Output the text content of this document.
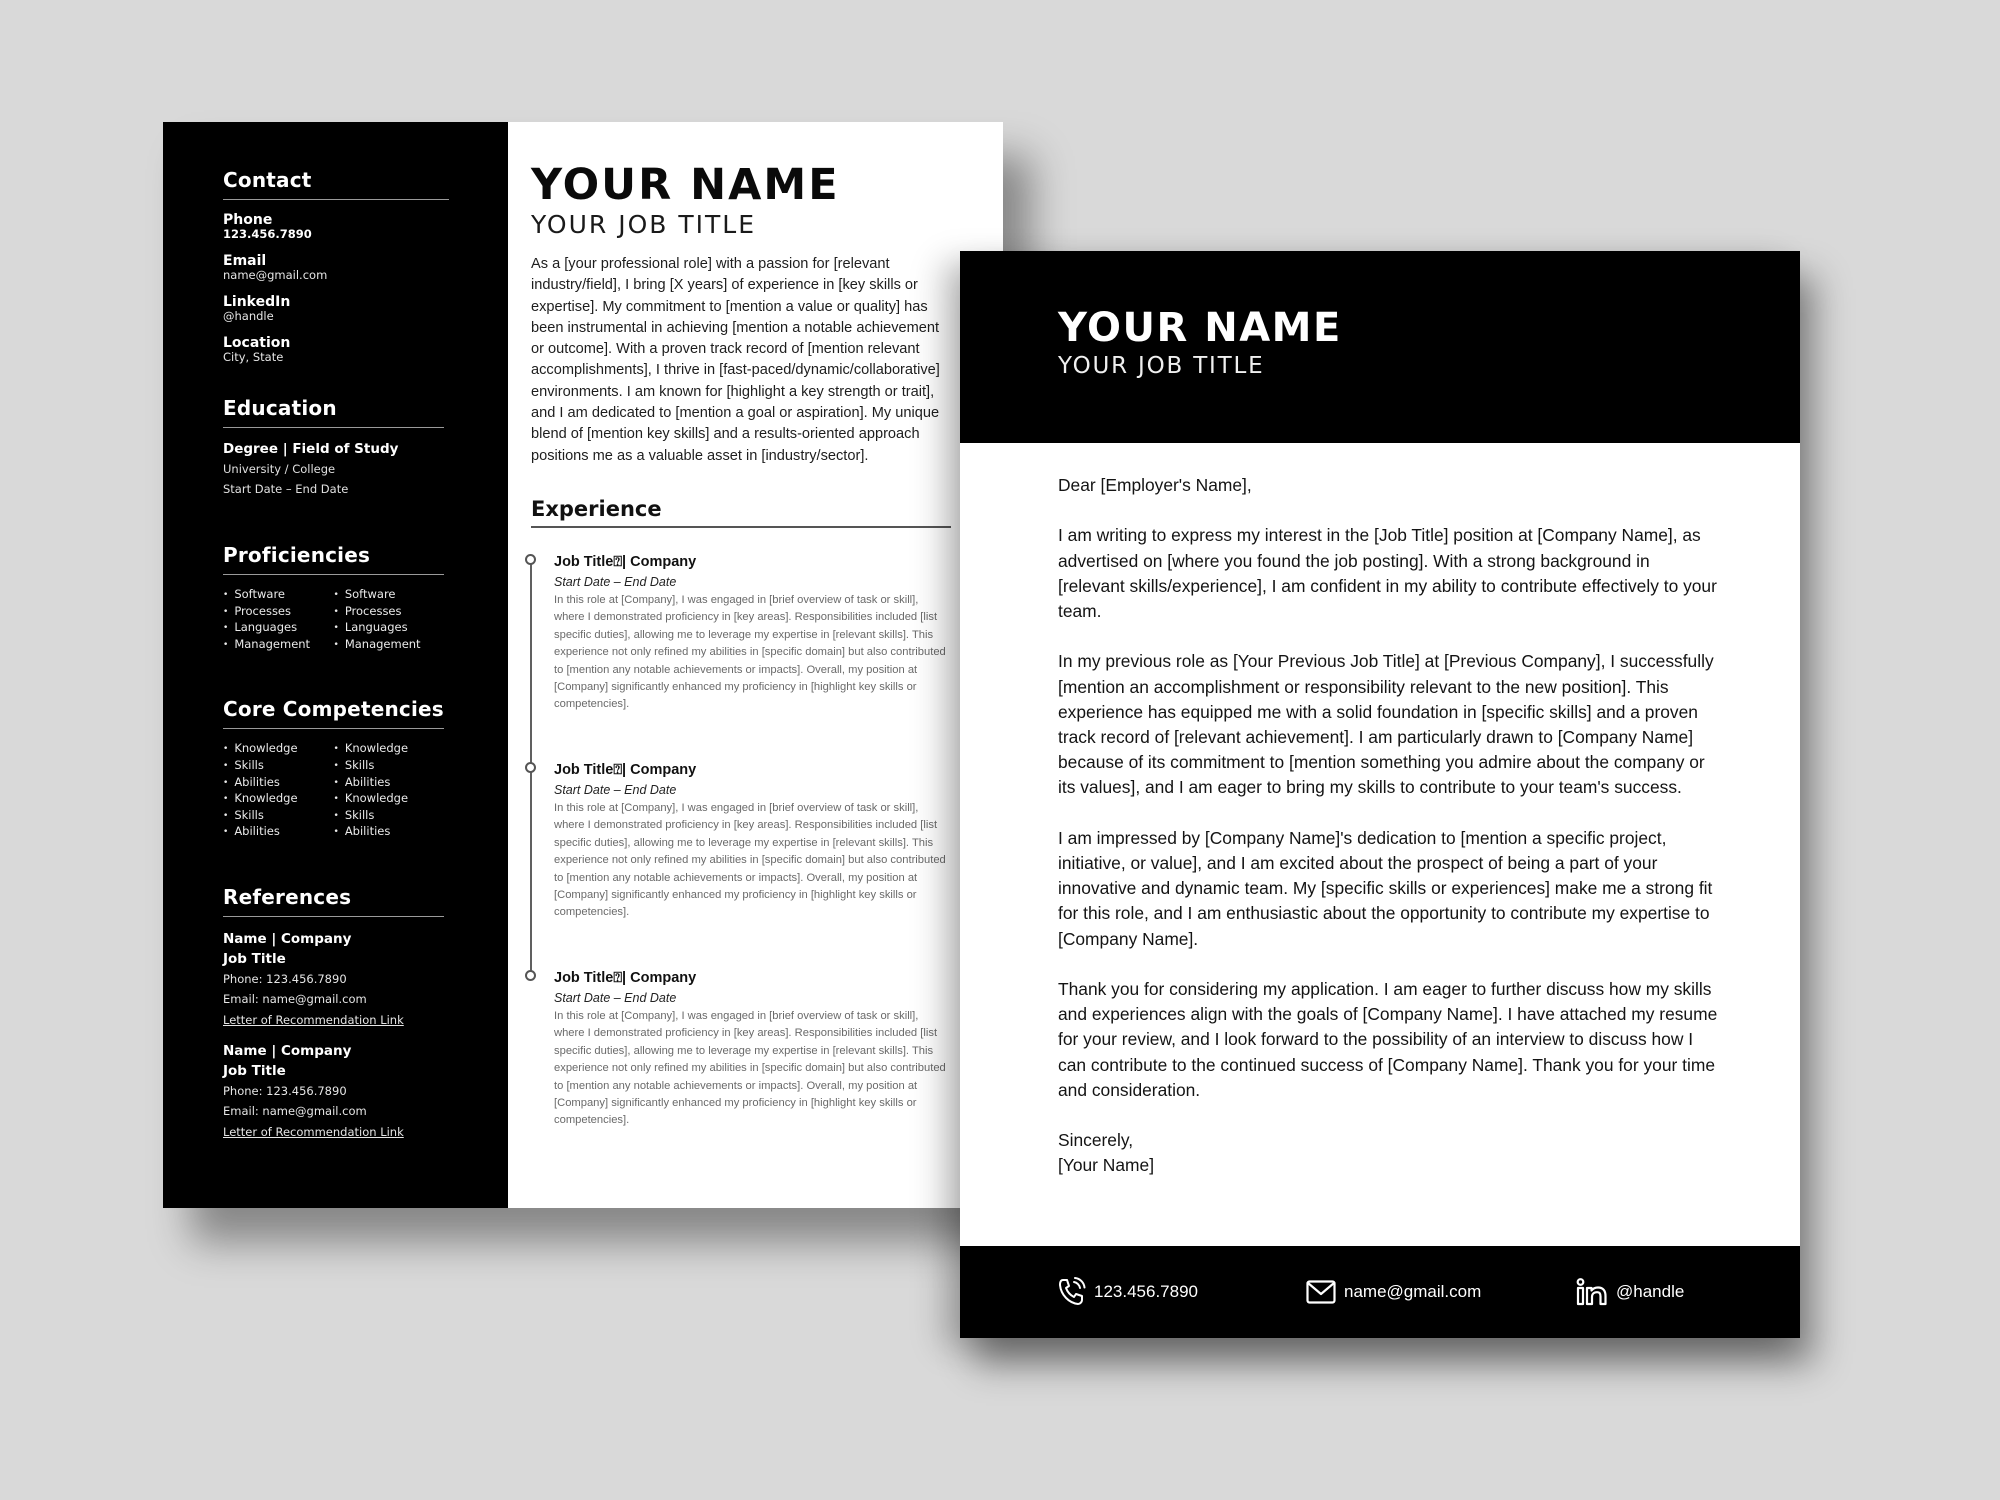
Contact
Phone
123.456.7890
Email
name@gmail.com
LinkedIn
@handle
Location
City, State
Education
Degree | Field of Study
University / College
Start Date – End Date
Proficiencies
• Software
• Processes
• Languages
• Management
• Software
• Processes
• Languages
• Management
Core Competencies
• Knowledge
• Skills
• Abilities
• Knowledge
• Skills
• Abilities
• Knowledge
• Skills
• Abilities
• Knowledge
• Skills
• Abilities
References
Name | Company
Job Title
Phone: 123.456.7890
Email: name@gmail.com
Letter of Recommendation Link
Name | Company
Job Title
Phone: 123.456.7890
Email: name@gmail.com
Letter of Recommendation Link
YOUR NAME
YOUR JOB TITLE

As a [your professional role] with a passion for [relevant industry/field], I bring [X years] of experience in [key skills or expertise]. My commitment to [mention a value or quality] has been instrumental in achieving [mention a notable achievement or outcome]. With a proven track record of [mention relevant accomplishments], I thrive in [fast-paced/dynamic/collaborative] environments. I am known for [highlight a key strength or trait], and I am dedicated to [mention a goal or aspiration]. My unique blend of [mention key skills] and a results-oriented approach positions me as a valuable asset in [industry/sector].

Experience
Job Title⍰| Company
Start Date – End Date

In this role at [Company], I was engaged in [brief overview of task or skill], where I demonstrated proficiency in [key areas]. Responsibilities included [list specific duties], allowing me to leverage my expertise in [relevant skills]. This experience not only refined my abilities in [specific domain] but also contributed to [mention any notable achievements or impacts]. Overall, my position at [Company] significantly enhanced my proficiency in [highlight key skills or competencies].

Job Title⍰| Company
Start Date – End Date

In this role at [Company], I was engaged in [brief overview of task or skill], where I demonstrated proficiency in [key areas]. Responsibilities included [list specific duties], allowing me to leverage my expertise in [relevant skills]. This experience not only refined my abilities in [specific domain] but also contributed to [mention any notable achievements or impacts]. Overall, my position at [Company] significantly enhanced my proficiency in [highlight key skills or competencies].

Job Title⍰| Company
Start Date – End Date

In this role at [Company], I was engaged in [brief overview of task or skill], where I demonstrated proficiency in [key areas]. Responsibilities included [list specific duties], allowing me to leverage my expertise in [relevant skills]. This experience not only refined my abilities in [specific domain] but also contributed to [mention any notable achievements or impacts]. Overall, my position at [Company] significantly enhanced my proficiency in [highlight key skills or competencies].

YOUR NAME
YOUR JOB TITLE

Dear [Employer's Name],

I am writing to express my interest in the [Job Title] position at [Company Name], as advertised on [where you found the job posting]. With a strong background in [relevant skills/experience], I am confident in my ability to contribute effectively to your team.

In my previous role as [Your Previous Job Title] at [Previous Company], I successfully [mention an accomplishment or responsibility relevant to the new position]. This experience has equipped me with a solid foundation in [specific skills] and a proven track record of [relevant achievement]. I am particularly drawn to [Company Name] because of its commitment to [mention something you admire about the company or its values], and I am eager to bring my skills to contribute to your team's success.

I am impressed by [Company Name]'s dedication to [mention a specific project, initiative, or value], and I am excited about the prospect of being a part of your innovative and dynamic team. My [specific skills or experiences] make me a strong fit for this role, and I am enthusiastic about the opportunity to contribute my expertise to [Company Name].

Thank you for considering my application. I am eager to further discuss how my skills and experiences align with the goals of [Company Name]. I have attached my resume for your review, and I look forward to the possibility of an interview to discuss how I can contribute to the continued success of [Company Name]. Thank you for your time and consideration.

Sincerely,

[Your Name]

123.456.7890	name@gmail.com	@handle
